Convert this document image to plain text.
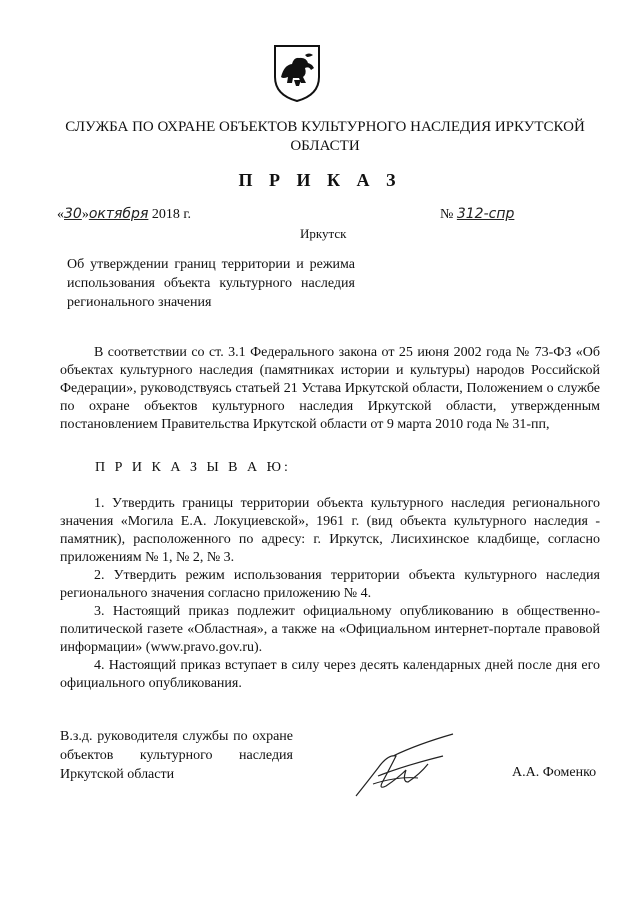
СЛУЖБА ПО ОХРАНЕ ОБЪЕКТОВ КУЛЬТУРНОГО НАСЛЕДИЯ ИРКУТСКОЙ ОБЛАСТИ
П Р И К А З
«30»октября 2018 г.	№ 312-спр
Иркутск
Об утверждении границ территории и режима использования объекта культурного наследия регионального значения
В соответствии со ст. 3.1 Федерального закона от 25 июня 2002 года № 73-ФЗ «Об объектах культурного наследия (памятниках истории и культуры) народов Российской Федерации», руководствуясь статьей 21 Устава Иркутской области, Положением о службе по охране объектов культурного наследия Иркутской области, утвержденным постановлением Правительства Иркутской области от 9 марта 2010 года № 31-пп,
П Р И К А З Ы В А Ю:

1. Утвердить границы территории объекта культурного наследия регионального значения «Могила Е.А. Локуциевской», 1961 г. (вид объекта культурного наследия - памятник), расположенного по адресу: г. Иркутск, Лисихинское кладбище, согласно приложениям № 1, № 2, № 3.

2. Утвердить режим использования территории объекта культурного наследия регионального значения согласно приложению № 4.

3. Настоящий приказ подлежит официальному опубликованию в общественно-политической газете «Областная», а также на «Официальном интернет-портале правовой информации» (www.pravo.gov.ru).

4. Настоящий приказ вступает в силу через десять календарных дней после дня его официального опубликования.

В.з.д. руководителя службы по охране объектов культурного наследия Иркутской области	А.А. Фоменко
